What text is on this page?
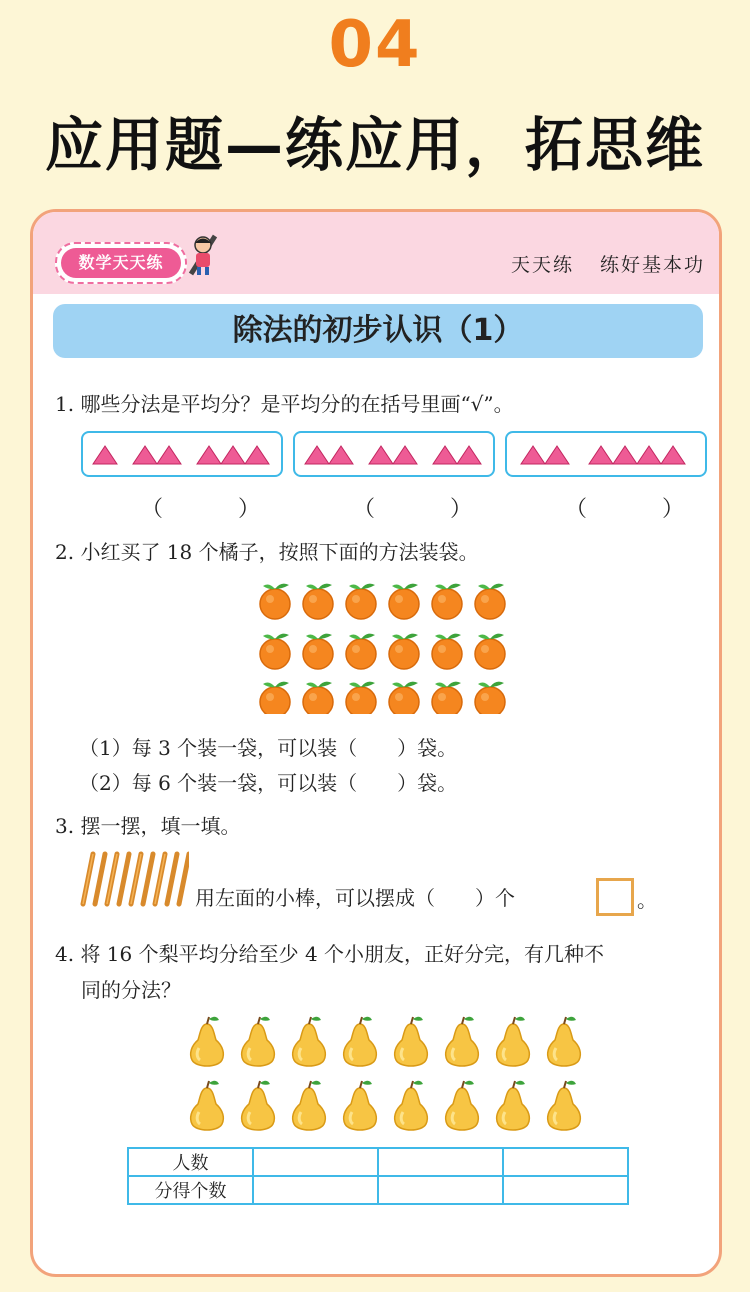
04
应用题—练应用，拓思维
数学天天练	天天练 练好基本功
除法的初步认识（1）
1. 哪些分法是平均分？是平均分的在括号里画“√”。
（ ）	（ ）	（ ）
2. 小红买了 18 个橘子，按照下面的方法装袋。
（1）每 3 个装一袋，可以装（　　）袋。
（2）每 6 个装一袋，可以装（　　）袋。
3. 摆一摆，填一填。
用左面的小棒，可以摆成（　　）个	。
4. 将 16 个梨平均分给至少 4 个小朋友，正好分完，有几种不
同的分法？
人数			
分得个数			
